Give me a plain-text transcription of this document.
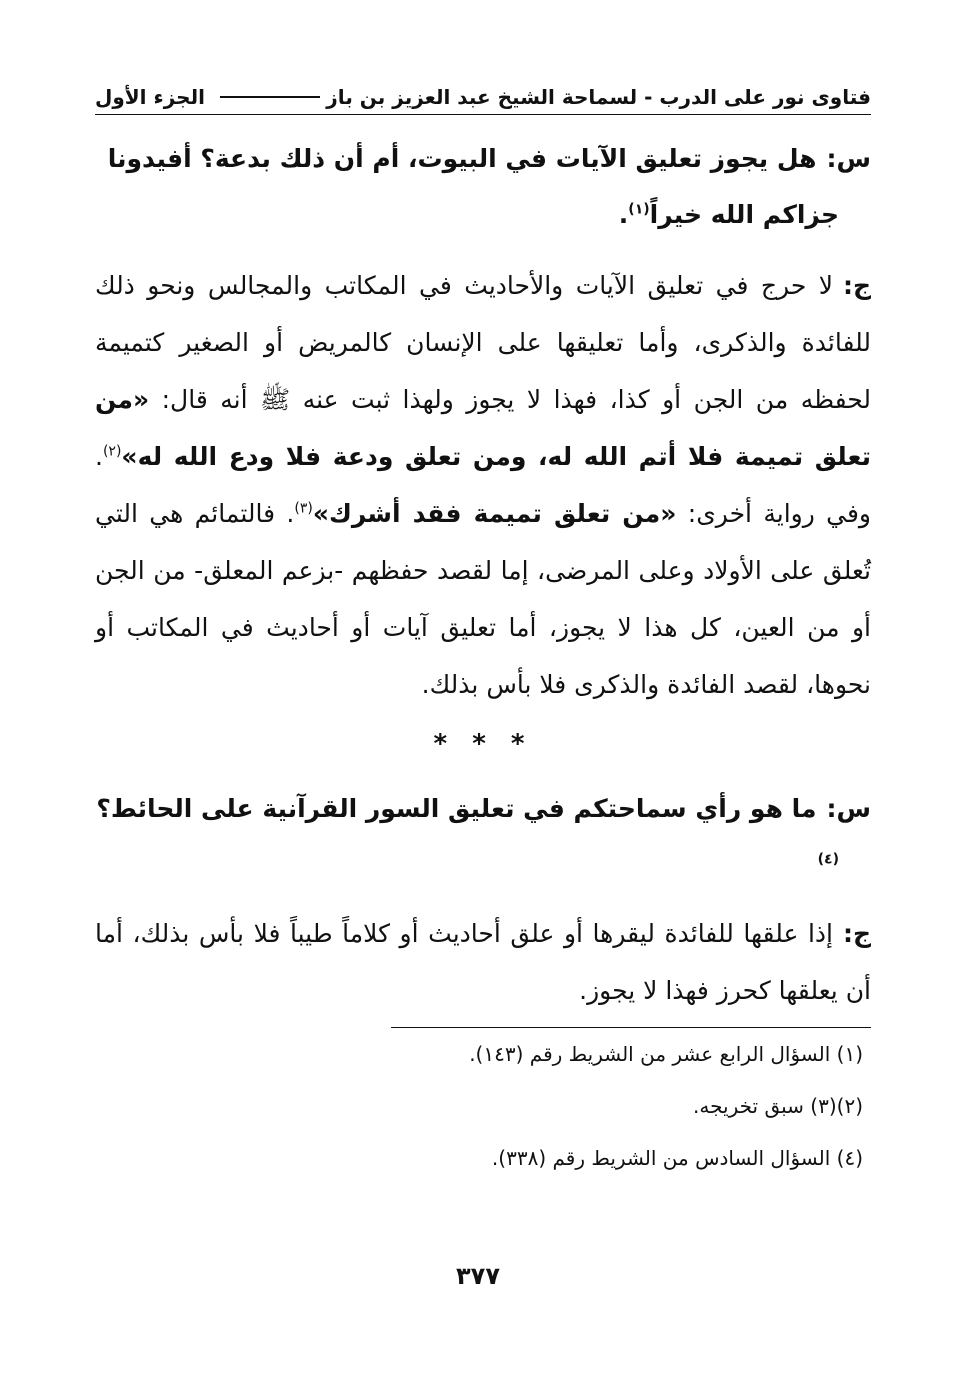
فتاوى نور على الدرب - لسماحة الشيخ عبد العزيز بن باز
الجزء الأول

س:هل يجوز تعليق الآيات في البيوت، أم أن ذلك بدعة؟ أفيدونا جزاكم الله خيراً$^{(١)}$.

ج:لا حرج في تعليق الآيات والأحاديث في المكاتب والمجالس ونحو ذلك للفائدة والذكرى، وأما تعليقها على الإنسان كالمريض أو الصغير كتميمة لحفظه من الجن أو كذا، فهذا لا يجوز ولهذا ثبت عنه ﷺ أنه قال: «من تعلق تميمة فلا أتم الله له، ومن تعلق ودعة فلا ودع الله له»$^{(٢)}$. وفي رواية أخرى: «من تعلق تميمة فقد أشرك»$^{(٣)}$. فالتمائم هي التي تُعلق على الأولاد وعلى المرضى، إما لقصد حفظهم -بزعم المعلق- من الجن أو من العين، كل هذا لا يجوز، أما تعليق آيات أو أحاديث في المكاتب أو نحوها، لقصد الفائدة والذكرى فلا بأس بذلك.

* * *

س:ما هو رأي سماحتكم في تعليق السور القرآنية على الحائط؟$^{(٤)}$

ج:إذا علقها للفائدة ليقرها أو علق أحاديث أو كلاماً طيباً فلا بأس بذلك، أما أن يعلقها كحرز فهذا لا يجوز.

(١) السؤال الرابع عشر من الشريط رقم (١٤٣).
(٢)(٣) سبق تخريجه.
(٤) السؤال السادس من الشريط رقم (٣٣٨).
٣٧٧
